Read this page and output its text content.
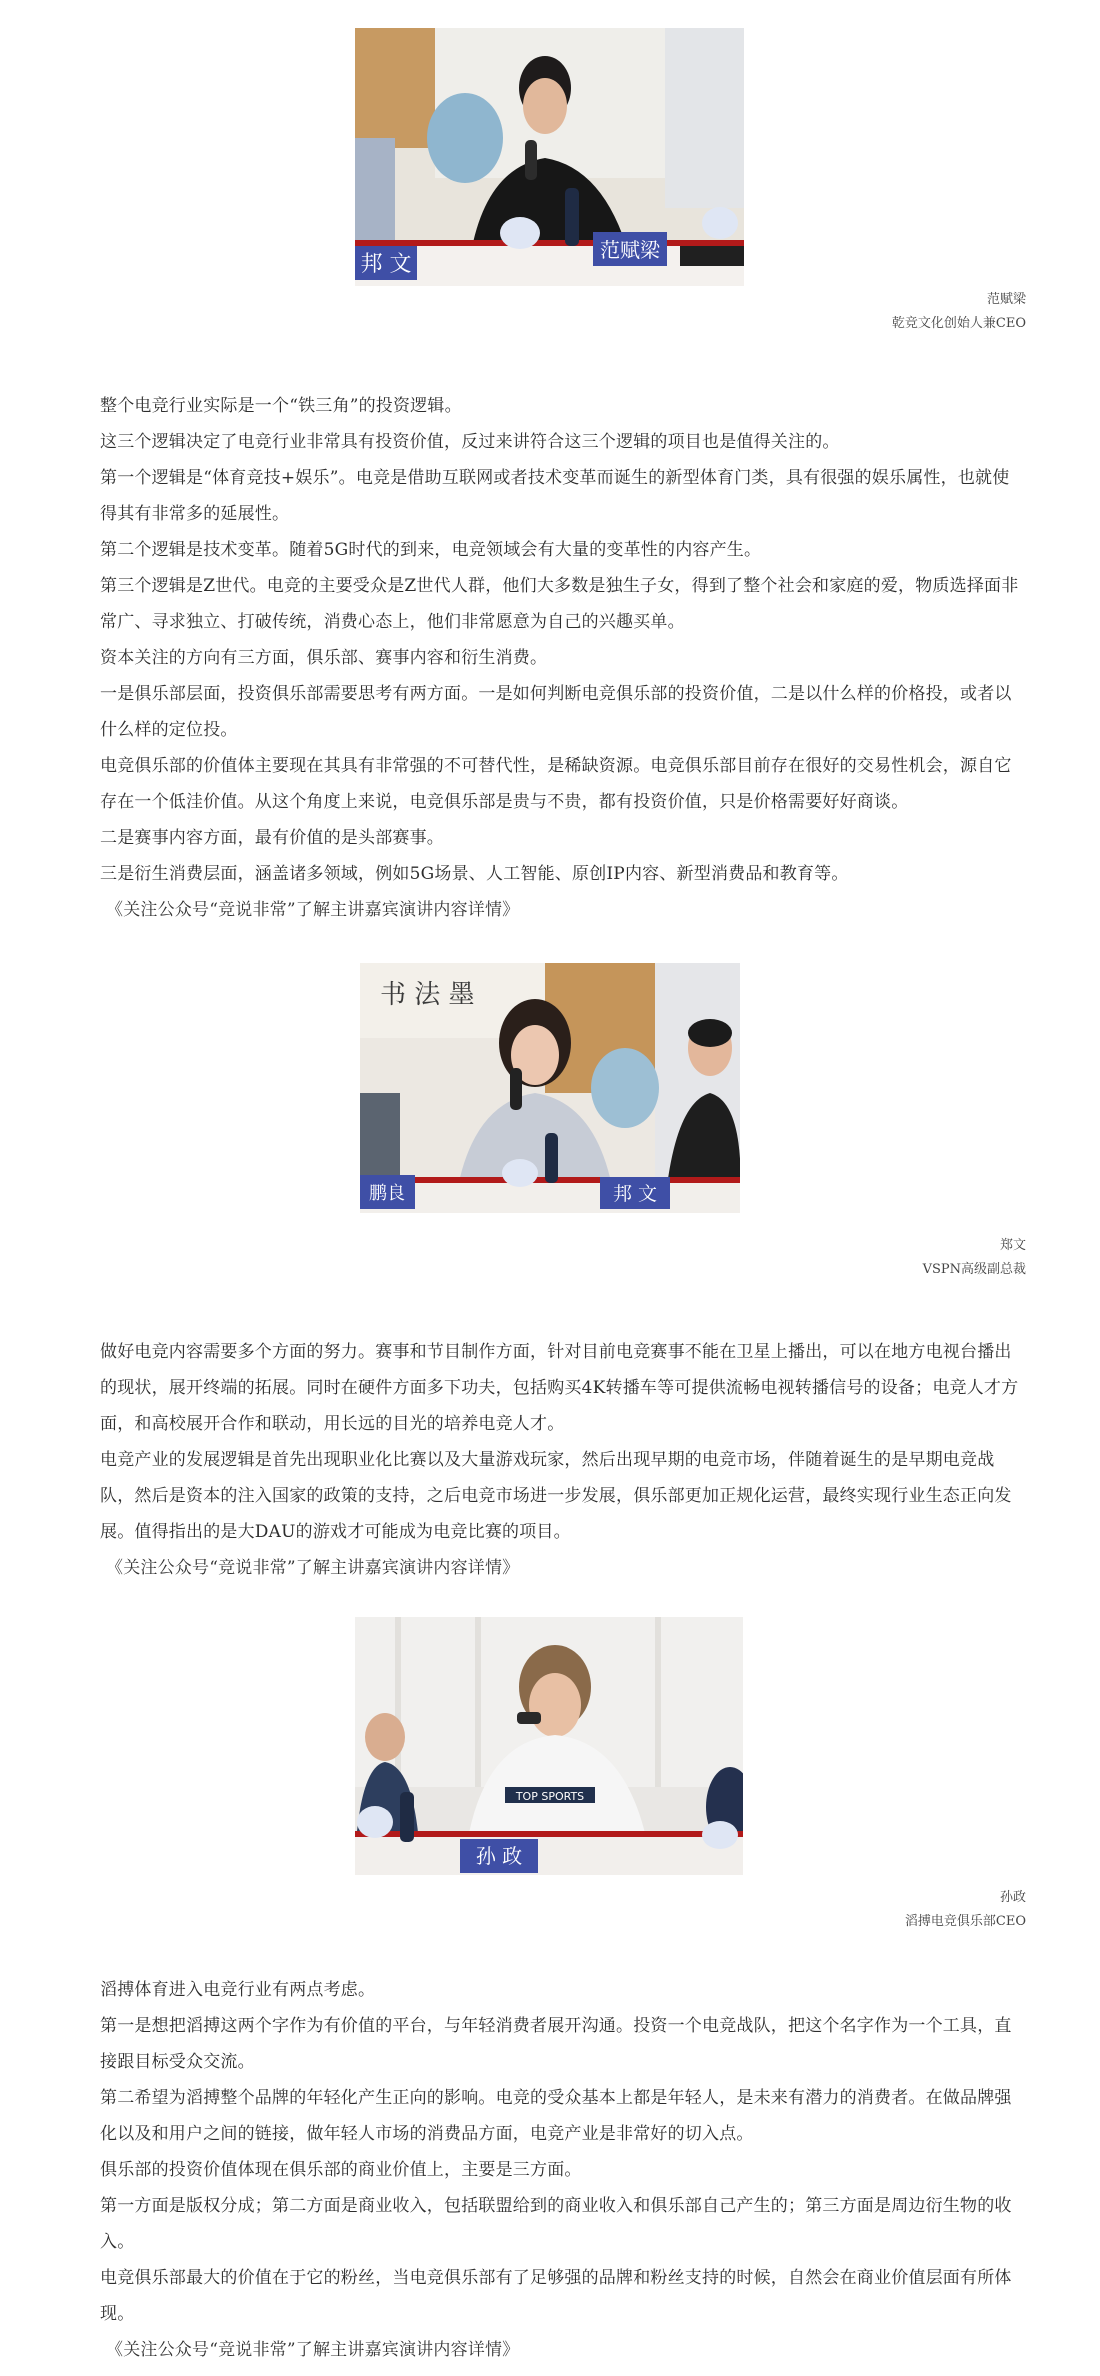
邦 文
范赋梁
范赋梁
乾竞文化创始人兼CEO

整个电竞行业实际是一个“铁三角”的投资逻辑。

这三个逻辑决定了电竞行业非常具有投资价值，反过来讲符合这三个逻辑的项目也是值得关注的。

第一个逻辑是“体育竞技+娱乐”。电竞是借助互联网或者技术变革而诞生的新型体育门类，具有很强的娱乐属性，也就使得其有非常多的延展性。

第二个逻辑是技术变革。随着5G时代的到来，电竞领域会有大量的变革性的内容产生。

第三个逻辑是Z世代。电竞的主要受众是Z世代人群，他们大多数是独生子女，得到了整个社会和家庭的爱，物质选择面非常广、寻求独立、打破传统，消费心态上，他们非常愿意为自己的兴趣买单。

资本关注的方向有三方面，俱乐部、赛事内容和衍生消费。

一是俱乐部层面，投资俱乐部需要思考有两方面。一是如何判断电竞俱乐部的投资价值，二是以什么样的价格投，或者以什么样的定位投。

电竞俱乐部的价值体主要现在其具有非常强的不可替代性，是稀缺资源。电竞俱乐部目前存在很好的交易性机会，源自它存在一个低洼价值。从这个角度上来说，电竞俱乐部是贵与不贵，都有投资价值，只是价格需要好好商谈。

二是赛事内容方面，最有价值的是头部赛事。

三是衍生消费层面，涵盖诸多领域，例如5G场景、人工智能、原创IP内容、新型消费品和教育等。

《关注公众号“竞说非常”了解主讲嘉宾演讲内容详情》

书 法 墨
鹏良	邦 文
郑文
VSPN高级副总裁

做好电竞内容需要多个方面的努力。赛事和节目制作方面，针对目前电竞赛事不能在卫星上播出，可以在地方电视台播出的现状，展开终端的拓展。同时在硬件方面多下功夫，包括购买4K转播车等可提供流畅电视转播信号的设备；电竞人才方面，和高校展开合作和联动，用长远的目光的培养电竞人才。

电竞产业的发展逻辑是首先出现职业化比赛以及大量游戏玩家，然后出现早期的电竞市场，伴随着诞生的是早期电竞战队，然后是资本的注入国家的政策的支持，之后电竞市场进一步发展，俱乐部更加正规化运营，最终实现行业生态正向发展。值得指出的是大DAU的游戏才可能成为电竞比赛的项目。

《关注公众号“竞说非常”了解主讲嘉宾演讲内容详情》

TOP SPORTS
孙 政
孙政
滔搏电竞俱乐部CEO

滔搏体育进入电竞行业有两点考虑。

第一是想把滔搏这两个字作为有价值的平台，与年轻消费者展开沟通。投资一个电竞战队，把这个名字作为一个工具，直接跟目标受众交流。

第二希望为滔搏整个品牌的年轻化产生正向的影响。电竞的受众基本上都是年轻人，是未来有潜力的消费者。在做品牌强化以及和用户之间的链接，做年轻人市场的消费品方面，电竞产业是非常好的切入点。

俱乐部的投资价值体现在俱乐部的商业价值上，主要是三方面。

第一方面是版权分成；第二方面是商业收入，包括联盟给到的商业收入和俱乐部自己产生的；第三方面是周边衍生物的收入。

电竞俱乐部最大的价值在于它的粉丝，当电竞俱乐部有了足够强的品牌和粉丝支持的时候，自然会在商业价值层面有所体现。

《关注公众号“竞说非常”了解主讲嘉宾演讲内容详情》
